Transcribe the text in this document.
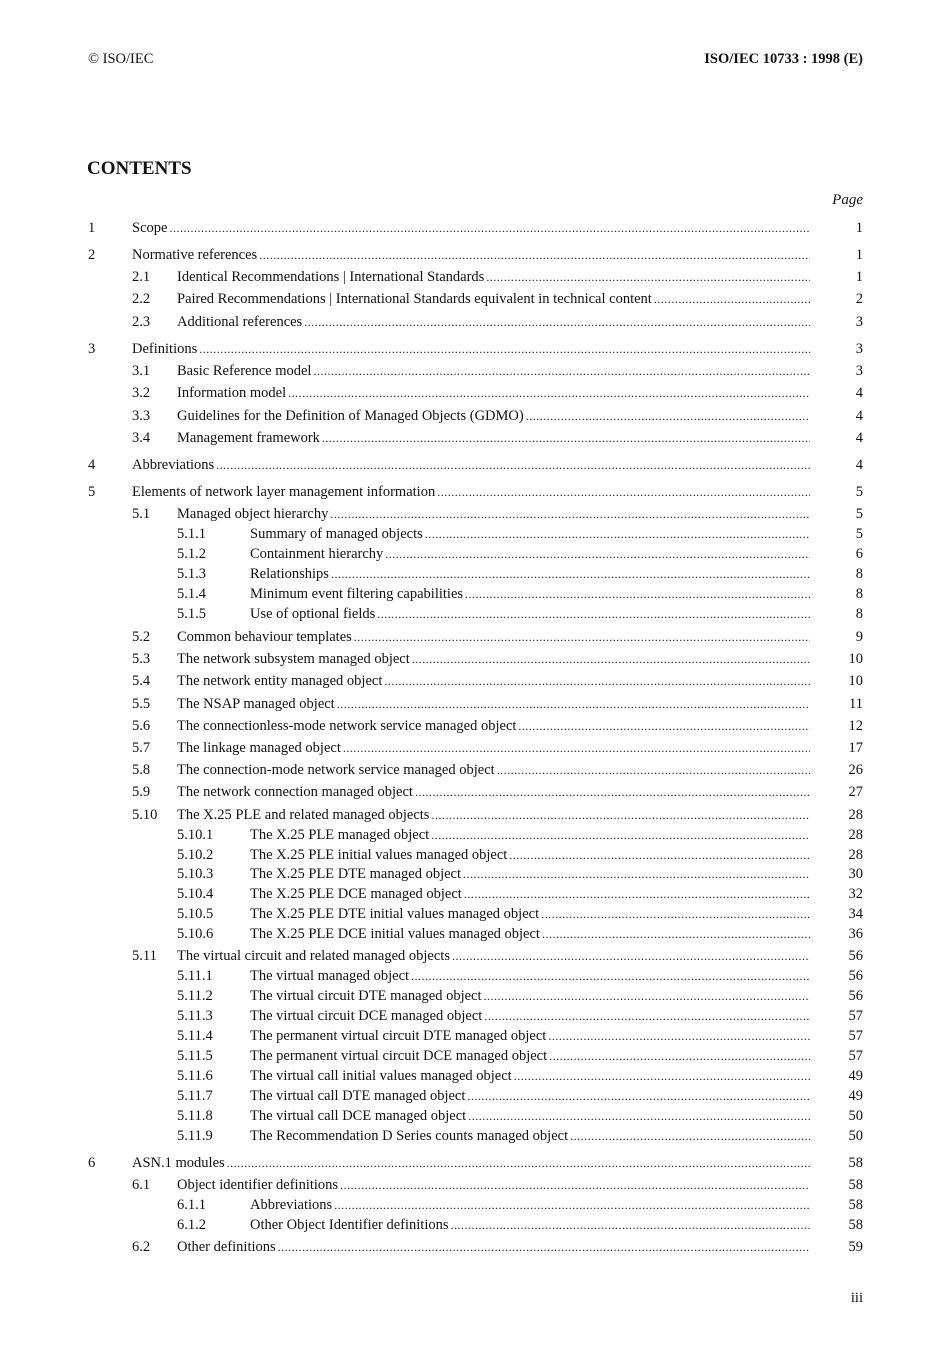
© ISO/IEC	ISO/IEC 10733 : 1998 (E)
CONTENTS
Page
1	Scope .....	1
2	Normative references .....	1
2.1 Identical Recommendations | International Standards .....	1
2.2 Paired Recommendations | International Standards equivalent in technical content .....	2
2.3 Additional references .....	3
3	Definitions .....	3
3.1 Basic Reference model .....	3
3.2 Information model .....	4
3.3 Guidelines for the Definition of Managed Objects (GDMO) .....	4
3.4 Management framework .....	4
4	Abbreviations .....	4
5	Elements of network layer management information .....	5
5.1 Managed object hierarchy .....	5
5.1.1	Summary of managed objects .....	5
5.1.2	Containment hierarchy .....	6
5.1.3	Relationships .....	8
5.1.4	Minimum event filtering capabilities .....	8
5.1.5	Use of optional fields .....	8
5.2 Common behaviour templates .....	9
5.3 The network subsystem managed object .....	10
5.4 The network entity managed object .....	10
5.5 The NSAP managed object .....	11
5.6 The connectionless-mode network service managed object .....	12
5.7 The linkage managed object .....	17
5.8 The connection-mode network service managed object .....	26
5.9 The network connection managed object .....	27
5.10 The X.25 PLE and related managed objects .....	28
5.10.1	The X.25 PLE managed object .....	28
5.10.2	The X.25 PLE initial values managed object .....	28
5.10.3	The X.25 PLE DTE managed object .....	30
5.10.4	The X.25 PLE DCE managed object .....	32
5.10.5	The X.25 PLE DTE initial values managed object .....	34
5.10.6	The X.25 PLE DCE initial values managed object .....	36
5.11 The virtual circuit and related managed objects .....	56
5.11.1	The virtual managed object .....	56
5.11.2	The virtual circuit DTE managed object .....	56
5.11.3	The virtual circuit DCE managed object .....	57
5.11.4	The permanent virtual circuit DTE managed object .....	57
5.11.5	The permanent virtual circuit DCE managed object .....	57
5.11.6	The virtual call initial values managed object .....	49
5.11.7	The virtual call DTE managed object .....	49
5.11.8	The virtual call DCE managed object .....	50
5.11.9	The Recommendation D Series counts managed object .....	50
6	ASN.1 modules .....	58
6.1 Object identifier definitions .....	58
6.1.1	Abbreviations .....	58
6.1.2	Other Object Identifier definitions .....	58
6.2 Other definitions .....	59
iii
